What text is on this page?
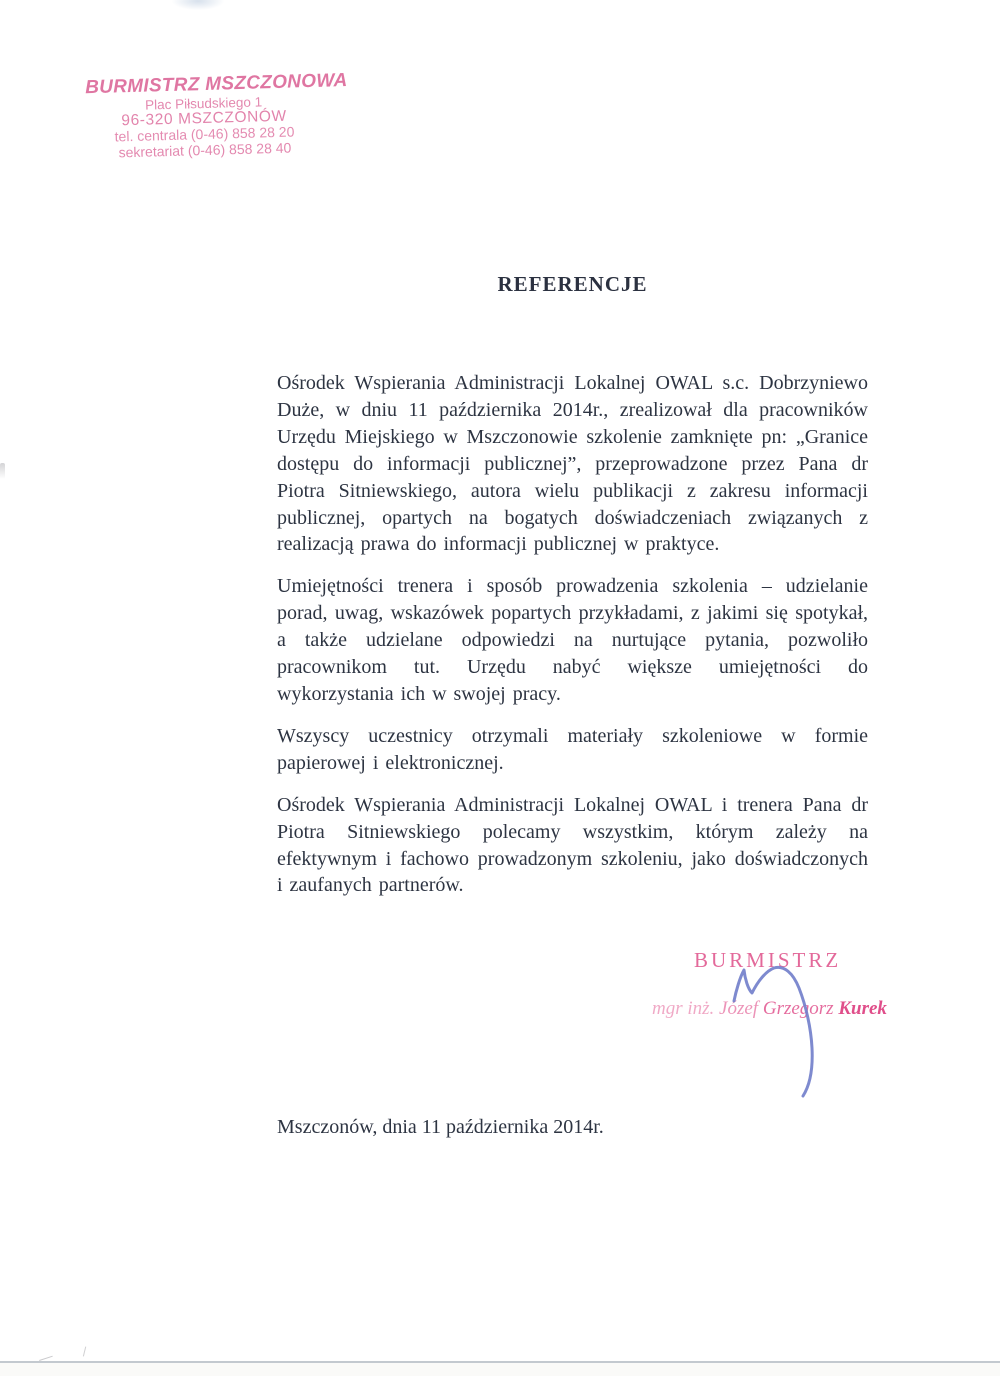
BURMISTRZ MSZCZONOWA
Plac Piłsudskiego 1
96-320 MSZCZONÓW
tel. centrala (0-46) 858 28 20
sekretariat (0-46) 858 28 40
REFERENCJE

Ośrodek Wspierania Administracji Lokalnej OWAL s.c. Dobrzyniewo Duże, w dniu 11 października 2014r., zrealizował dla pracowników Urzędu Miejskiego w Mszczonowie szkolenie zamknięte pn: „Granice dostępu do informacji publicznej”, przeprowadzone przez Pana dr Piotra Sitniewskiego, autora wielu publikacji z zakresu informacji publicznej, opartych na bogatych doświadczeniach związanych z realizacją prawa do informacji publicznej w praktyce.

Umiejętności trenera i sposób prowadzenia szkolenia – udzielanie porad, uwag, wskazówek popartych przykładami, z jakimi się spotykał, a także udzielane odpowiedzi na nurtujące pytania, pozwoliło pracownikom tut. Urzędu nabyć większe umiejętności do wykorzystania ich w swojej pracy.

Wszyscy uczestnicy otrzymali materiały szkoleniowe w formie papierowej i elektronicznej.

Ośrodek Wspierania Administracji Lokalnej OWAL i trenera Pana dr Piotra Sitniewskiego polecamy wszystkim, którym zależy na efektywnym i fachowo prowadzonym szkoleniu, jako doświadczonych i zaufanych partnerów.

BURMISTRZ
mgr inż. Józef Grzegorz Kurek
Mszczonów, dnia 11 października 2014r.
